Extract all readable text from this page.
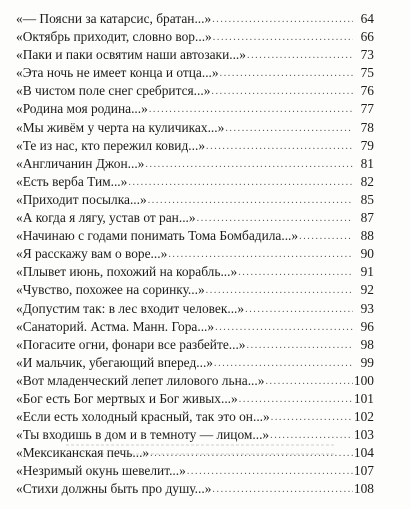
«— Поясни за катарсис, братан...» .....	64
«Октябрь приходит, словно вор...» .....	66
«Паки и паки освятим наши автозаки...» .....	73
«Эта ночь не имеет конца и отца...» .....	75
«В чистом поле снег сребрится...» .....	76
«Родина моя родина...» .....	77
«Мы живём у черта на куличиках...» .....	78
«Те из нас, кто пережил ковид...» .....	79
«Англичанин Джон...» .....	81
«Есть верба Тим...» .....	82
«Приходит посылка...» .....	85
«А когда я лягу, устав от ран...» .....	87
«Начинаю с годами понимать Тома Бомбадила...» .....	88
«Я расскажу вам о воре...» .....	90
«Плывет июнь, похожий на корабль...» .....	91
«Чувство, похожее на соринку...» .....	92
«Допустим так: в лес входит человек...» .....	93
«Санаторий. Астма. Манн. Гора...» .....	96
«Погасите огни, фонари все разбейте...» .....	98
«И мальчик, убегающий вперед...» .....	99
«Вот младенческий лепет лилового льна...» .....	100
«Бог есть Бог мертвых и Бог живых...» .....	101
«Если есть холодный красный, так это он...» .....	102
«Ты входишь в дом и в темноту — лицом...» .....	103
«Мексиканская печь...» .....	104
«Незримый окунь шевелит...» .....	107
«Стихи должны быть про душу...» .....	108
